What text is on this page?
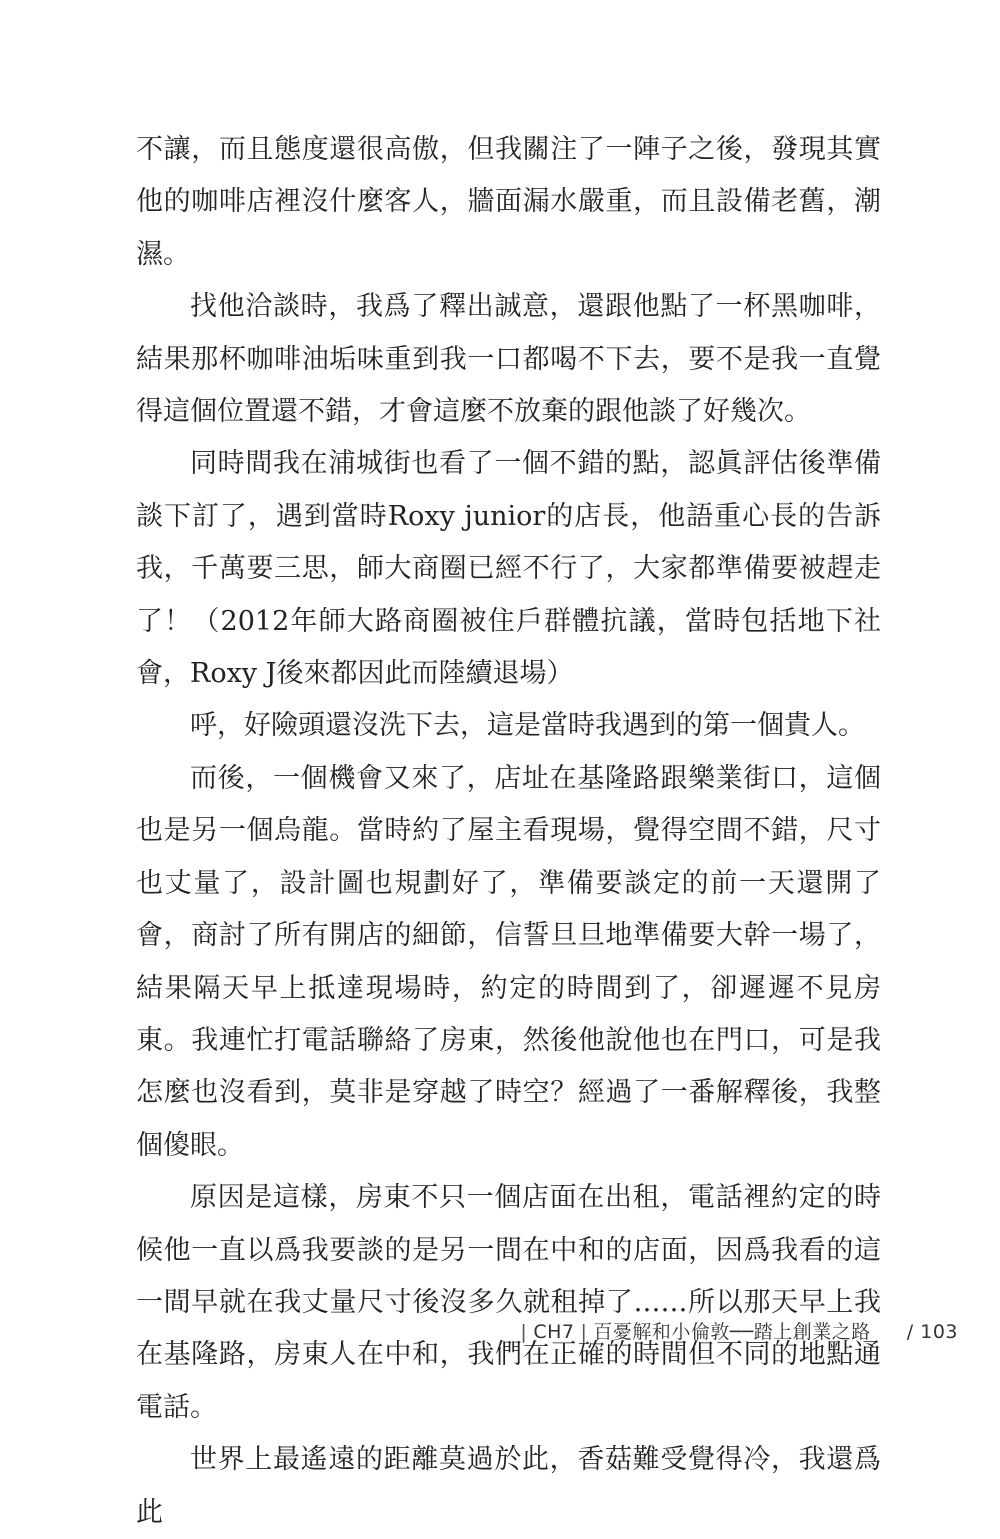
不讓，而且態度還很高傲，但我關注了一陣子之後，發現其實他的咖啡店裡沒什麼客人，牆面漏水嚴重，而且設備老舊，潮濕。

找他洽談時，我爲了釋出誠意，還跟他點了一杯黑咖啡，結果那杯咖啡油垢味重到我一口都喝不下去，要不是我一直覺得這個位置還不錯，才會這麼不放棄的跟他談了好幾次。

同時間我在浦城街也看了一個不錯的點，認眞評估後準備談下訂了，遇到當時Roxy junior的店長，他語重心長的告訴我，千萬要三思，師大商圈已經不行了，大家都準備要被趕走了！（2012年師大路商圈被住戶群體抗議，當時包括地下社會，Roxy J後來都因此而陸續退場）

呼，好險頭還沒洗下去，這是當時我遇到的第一個貴人。

而後，一個機會又來了，店址在基隆路跟樂業街口，這個也是另一個烏龍。當時約了屋主看現場，覺得空間不錯，尺寸也丈量了，設計圖也規劃好了，準備要談定的前一天還開了會，商討了所有開店的細節，信誓旦旦地準備要大幹一場了，結果隔天早上抵達現場時，約定的時間到了，卻遲遲不見房東。我連忙打電話聯絡了房東，然後他說他也在門口，可是我怎麼也沒看到，莫非是穿越了時空？經過了一番解釋後，我整個傻眼。

原因是這樣，房東不只一個店面在出租，電話裡約定的時候他一直以爲我要談的是另一間在中和的店面，因爲我看的這一間早就在我丈量尺寸後沒多久就租掉了……所以那天早上我在基隆路，房東人在中和，我們在正確的時間但不同的地點通電話。

世界上最遙遠的距離莫過於此，香菇難受覺得冷，我還爲此

| CH7 | 百憂解和小倫敦──踏上創業之路 / 103
